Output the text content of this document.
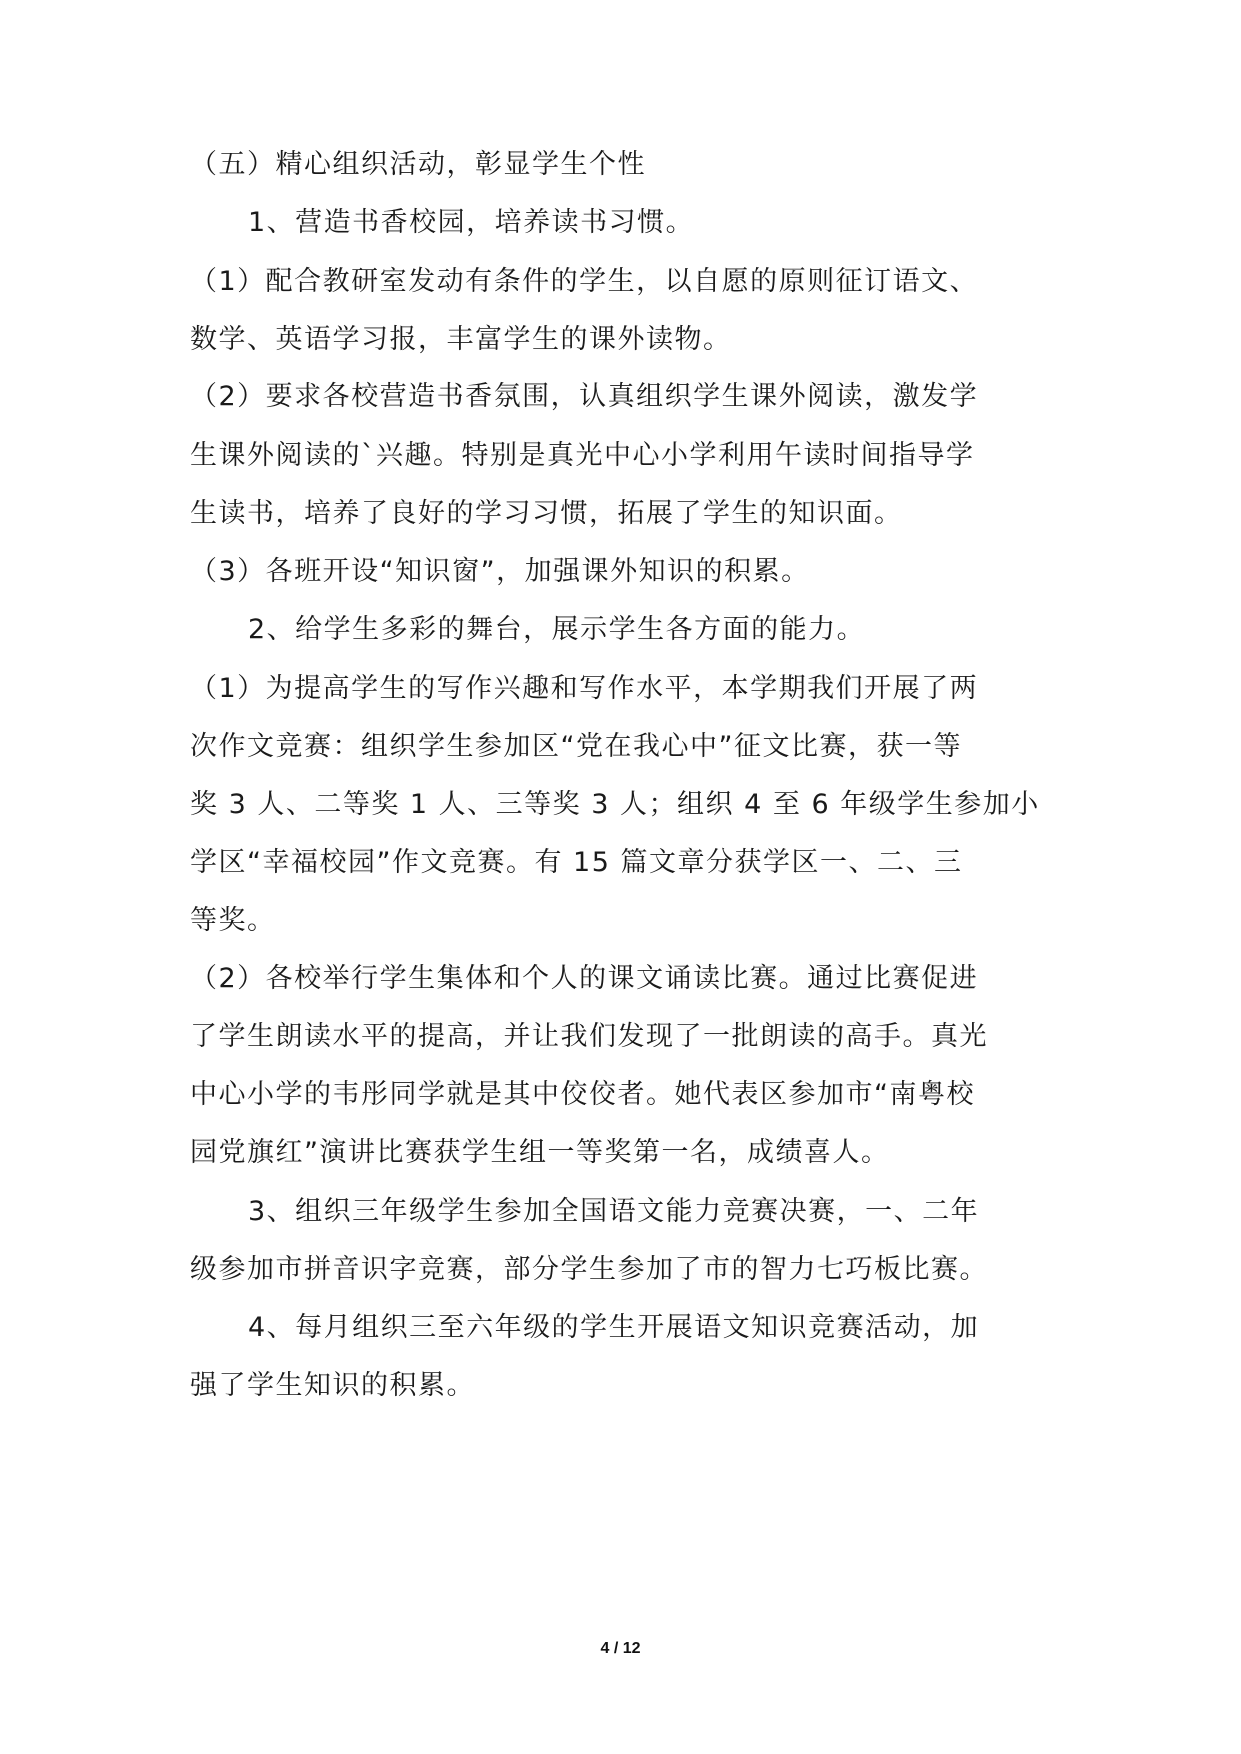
（五）精心组织活动，彰显学生个性

1、营造书香校园，培养读书习惯。

（1）配合教研室发动有条件的学生，以自愿的原则征订语文、

数学、英语学习报，丰富学生的课外读物。

（2）要求各校营造书香氛围，认真组织学生课外阅读，激发学

生课外阅读的`兴趣。特别是真光中心小学利用午读时间指导学

生读书，培养了良好的学习习惯，拓展了学生的知识面。

（3）各班开设“知识窗”，加强课外知识的积累。

2、给学生多彩的舞台，展示学生各方面的能力。

（1）为提高学生的写作兴趣和写作水平，本学期我们开展了两

次作文竞赛：组织学生参加区“党在我心中”征文比赛，获一等

奖 3 人、二等奖 1 人、三等奖 3 人；组织 4 至 6 年级学生参加小

学区“幸福校园”作文竞赛。有 15 篇文章分获学区一、二、三

等奖。

（2）各校举行学生集体和个人的课文诵读比赛。通过比赛促进

了学生朗读水平的提高，并让我们发现了一批朗读的高手。真光

中心小学的韦彤同学就是其中佼佼者。她代表区参加市“南粤校

园党旗红”演讲比赛获学生组一等奖第一名，成绩喜人。

3、组织三年级学生参加全国语文能力竞赛决赛，一、二年

级参加市拼音识字竞赛，部分学生参加了市的智力七巧板比赛。

4、每月组织三至六年级的学生开展语文知识竞赛活动，加

强了学生知识的积累。

4 / 12
